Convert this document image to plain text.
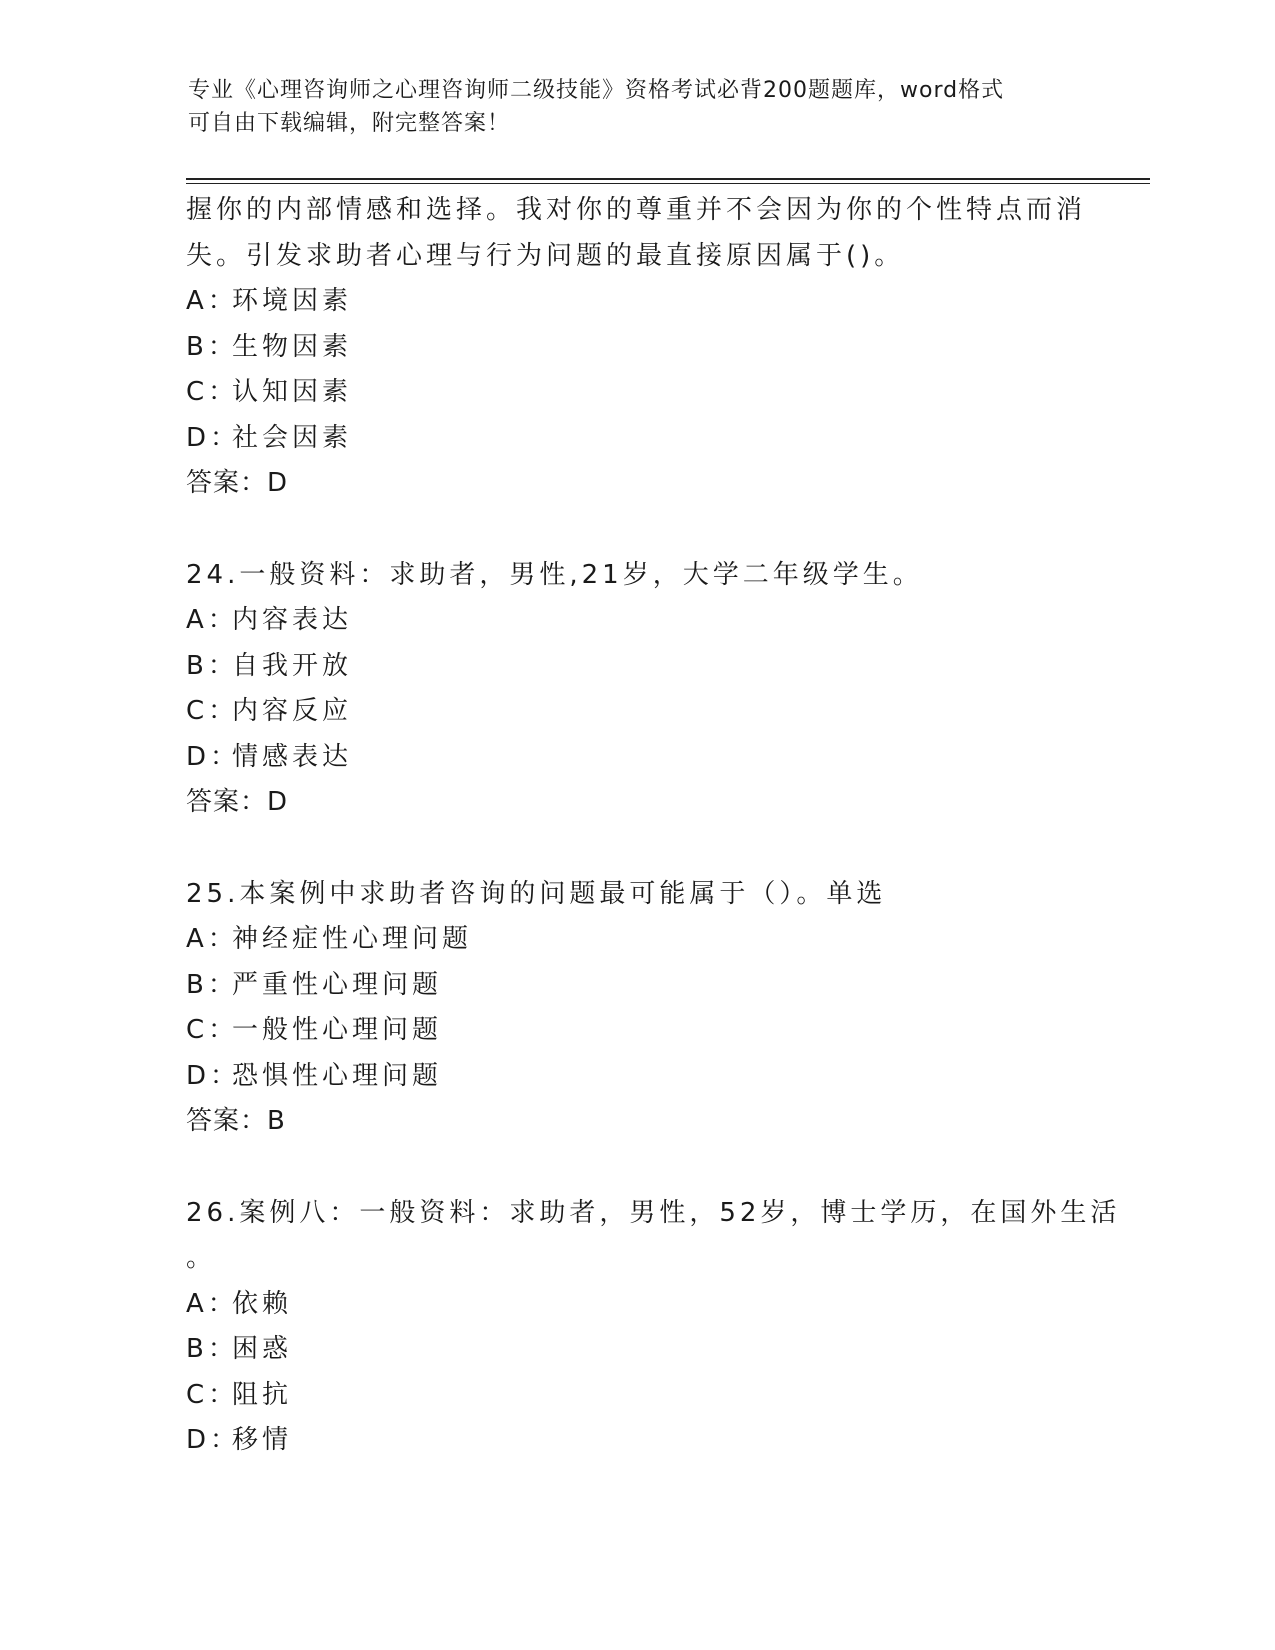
专业《心理咨询师之心理咨询师二级技能》资格考试必背200题题库，word格式
可自由下载编辑，附完整答案！
握你的内部情感和选择。我对你的尊重并不会因为你的个性特点而消
失。引发求助者心理与行为问题的最直接原因属于()。
A：环境因素
B：生物因素
C：认知因素
D：社会因素
答案：D
24.一般资料：求助者，男性,21岁，大学二年级学生。
A：内容表达
B：自我开放
C：内容反应
D：情感表达
答案：D
25.本案例中求助者咨询的问题最可能属于（）。单选
A：神经症性心理问题
B：严重性心理问题
C：一般性心理问题
D：恐惧性心理问题
答案：B
26.案例八：一般资料：求助者，男性，52岁，博士学历，在国外生活
。
A：依赖
B：困惑
C：阻抗
D：移情
